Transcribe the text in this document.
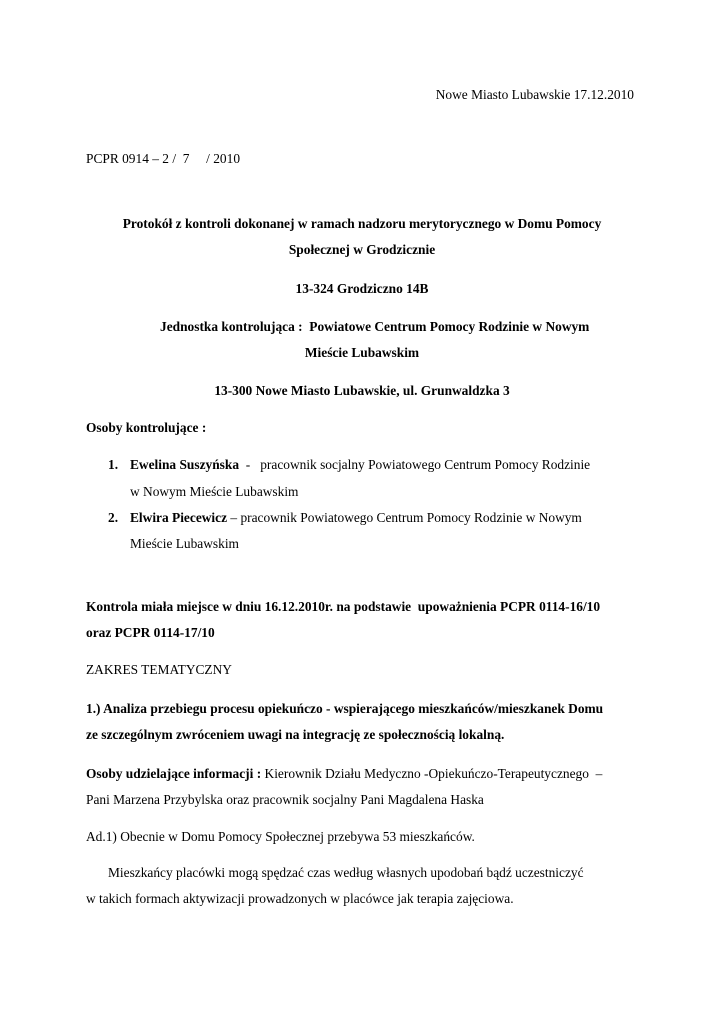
Nowe Miasto Lubawskie 17.12.2010
PCPR 0914 – 2 /  7     / 2010
Protokół z kontroli dokonanej w ramach nadzoru merytorycznego w Domu Pomocy
Społecznej w Grodzicznie
13-324 Grodziczno 14B
Jednostka kontrolująca :  Powiatowe Centrum Pomocy Rodzinie w Nowym
Mieście Lubawskim
13-300 Nowe Miasto Lubawskie, ul. Grunwaldzka 3
Osoby kontrolujące :
1. Ewelina Suszyńska  -   pracownik socjalny Powiatowego Centrum Pomocy Rodzinie
w Nowym Mieście Lubawskim
2. Elwira Piecewicz – pracownik Powiatowego Centrum Pomocy Rodzinie w Nowym
Mieście Lubawskim
Kontrola miała miejsce w dniu 16.12.2010r. na podstawie  upoważnienia PCPR 0114-16/10
oraz PCPR 0114-17/10
ZAKRES TEMATYCZNY
1.) Analiza przebiegu procesu opiekuńczo - wspierającego mieszkańców/mieszkanek Domu
ze szczególnym zwróceniem uwagi na integrację ze społecznością lokalną.
Osoby udzielające informacji : Kierownik Działu Medyczno -Opiekuńczo-Terapeutycznego  –
Pani Marzena Przybylska oraz pracownik socjalny Pani Magdalena Haska
Ad.1) Obecnie w Domu Pomocy Społecznej przebywa 53 mieszkańców.
Mieszkańcy placówki mogą spędzać czas według własnych upodobań bądź uczestniczyć
w takich formach aktywizacji prowadzonych w placówce jak terapia zajęciowa.
